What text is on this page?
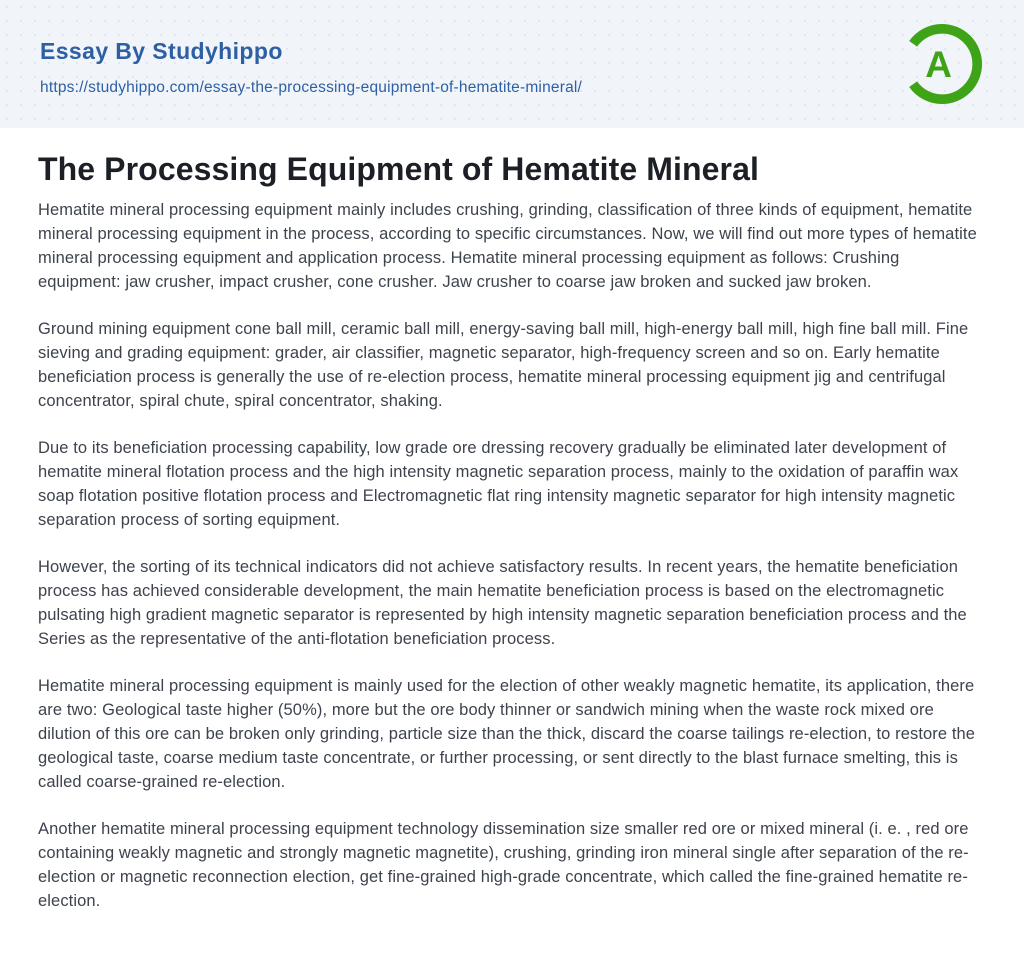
Essay By Studyhippo
https://studyhippo.com/essay-the-processing-equipment-of-hematite-mineral/
A
The Processing Equipment of Hematite Mineral

Hematite mineral processing equipment mainly includes crushing, grinding, classification of three kinds of equipment, hematite mineral processing equipment in the process, according to specific circumstances. Now, we will find out more types of hematite mineral processing equipment and application process. Hematite mineral processing equipment as follows: Crushing equipment: jaw crusher, impact crusher, cone crusher. Jaw crusher to coarse jaw broken and sucked jaw broken.

Ground mining equipment cone ball mill, ceramic ball mill, energy-saving ball mill, high-energy ball mill, high fine ball mill. Fine sieving and grading equipment: grader, air classifier, magnetic separator, high-frequency screen and so on. Early hematite beneficiation process is generally the use of re-election process, hematite mineral processing equipment jig and centrifugal concentrator, spiral chute, spiral concentrator, shaking.

Due to its beneficiation processing capability, low grade ore dressing recovery gradually be eliminated later development of hematite mineral flotation process and the high intensity magnetic separation process, mainly to the oxidation of paraffin wax soap flotation positive flotation process and Electromagnetic flat ring intensity magnetic separator for high intensity magnetic separation process of sorting equipment.

However, the sorting of its technical indicators did not achieve satisfactory results. In recent years, the hematite beneficiation process has achieved considerable development, the main hematite beneficiation process is based on the electromagnetic pulsating high gradient magnetic separator is represented by high intensity magnetic separation beneficiation process and the Series as the representative of the anti-flotation beneficiation process.

Hematite mineral processing equipment is mainly used for the election of other weakly magnetic hematite, its application, there are two: Geological taste higher (50%), more but the ore body thinner or sandwich mining when the waste rock mixed ore dilution of this ore can be broken only grinding, particle size than the thick, discard the coarse tailings re-election, to restore the geological taste, coarse medium taste concentrate, or further processing, or sent directly to the blast furnace smelting, this is called coarse-grained re-election.

Another hematite mineral processing equipment technology dissemination size smaller red ore or mixed mineral (i. e. , red ore containing weakly magnetic and strongly magnetic magnetite), crushing, grinding iron mineral single after separation of the re-election or magnetic reconnection election, get fine-grained high-grade concentrate, which called the fine-grained hematite re-election.
